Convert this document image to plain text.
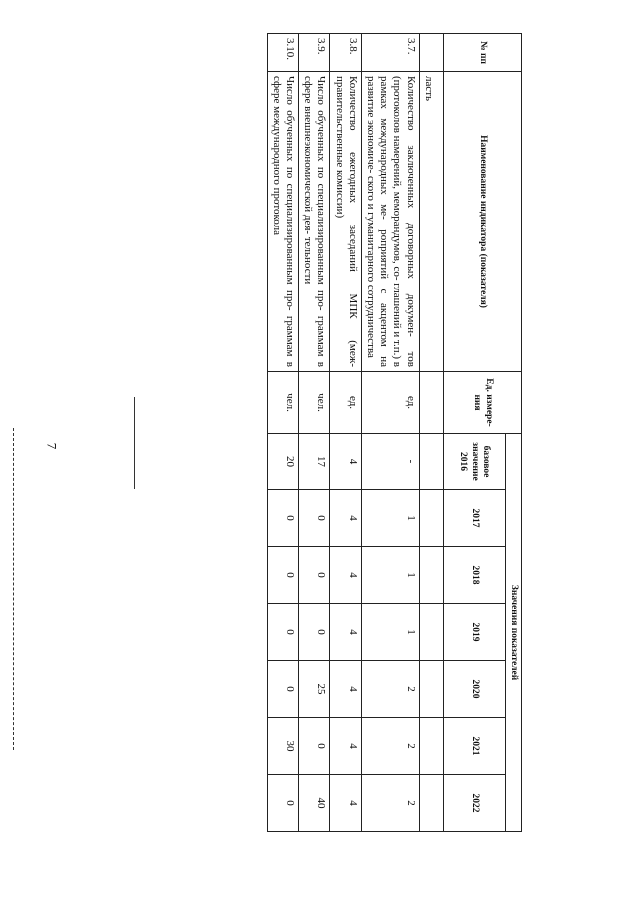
7
№ пп	Наименование индикатора (показателя)	Ед. измере- ния	Значения показателей						
			базовое значение 2016	2017	2018	2019	2020	2021	2022
	ласть								
3.7.	Количество заключенных договорных докумен- тов (протоколов намерений, меморандумов, со- глашений и т.п.) в рамках международных ме- роприятий с акцентом на развитие экономиче- ского и гуманитарного сотрудничества	ед.	-	1	1	1	2	2	2
3.8.	Количество ежегодных заседаний МПК (меж- правительственные комиссии)	ед.	4	4	4	4	4	4	4
3.9.	Число обученных по специализированным про- граммам в сфере внешнеэкономической дея- тельности	чел.	17	0	0	0	25	0	40
3.10.	Число обученных по специализированным про- граммам в сфере международного протокола	чел.	20	0	0	0	0	30	0
